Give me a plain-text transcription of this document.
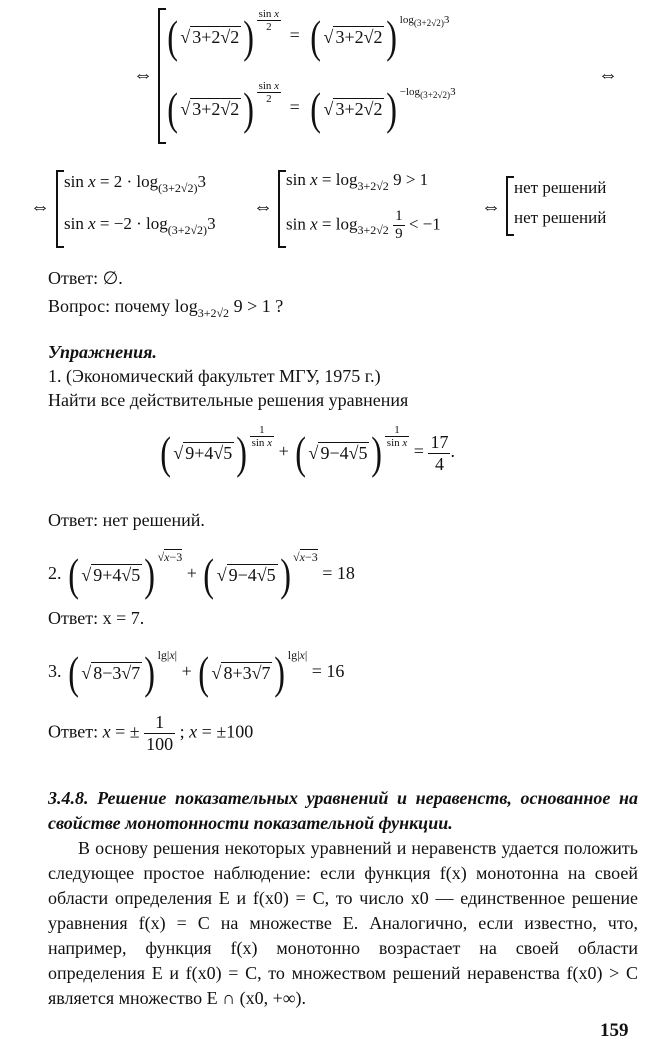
⇔
( √ 3+2√2) $^{\frac{\text{sin x}}{2}}$
= ( √ 3+2√2) $^{log_{(3+2√2)}3}$
( √ 3+2√2) $^{\frac{\text{sin x}}{2}}$
= ( √ 3+2√2) $^{-log_{(3+2√2)}3}$
⇔
⇔
$\sin x = 2 \cdot \log_{(3+2√2)}3$
$\sin x = -2 \cdot \log_{(3+2√2)}3$
⇔
$\sin x = \log_{3+2√2} 9 > 1$
$\sin x = \log_{3+2√2} \frac{1}{9} < -1$
⇔
нет решений
нет решений
Ответ: ∅.
Вопрос: почему $\log_{3+2√2} 9 > 1$ ?
Упражнения.
1. (Экономический факультет МГУ, 1975 г.)
Найти все действительные решения уравнения
( √ 9+4√5) $^{\frac{1}{\text{sin x}}}$
+ ( √ 9−4√5) $^{\frac{1}{\text{sin x}}}$
= $\frac{17}{4}$ .
Ответ: нет решений.
2. ( √ 9+4√5) $^{√x-3}$ + ( √ 9−4√5) $^{√x-3}$ = 18
Ответ: x = 7.
3. ( √ 8−3√7) $^{lg|x|}$ + ( √ 8+3√7) $^{lg|x|}$ = 16
Ответ: x = ± $\frac{1}{100}$ ; x = ±100
3.4.8. Решение показательных уравнений и неравенств, основанное на свойстве монотонности показательной функции.
В основу решения некоторых уравнений и неравенств удается положить следующее простое наблюдение: если функция f(x) монотонна на своей области определения E и f(x0) = C, то число x0 — единственное решение уравнения f(x) = C на множестве E. Аналогично, если известно, что, например, функция f(x) монотонно возрастает на своей области определения E и f(x0) = C, то множеством решений неравенства f(x0) > C является множество E ∩ (x0, +∞).
159
